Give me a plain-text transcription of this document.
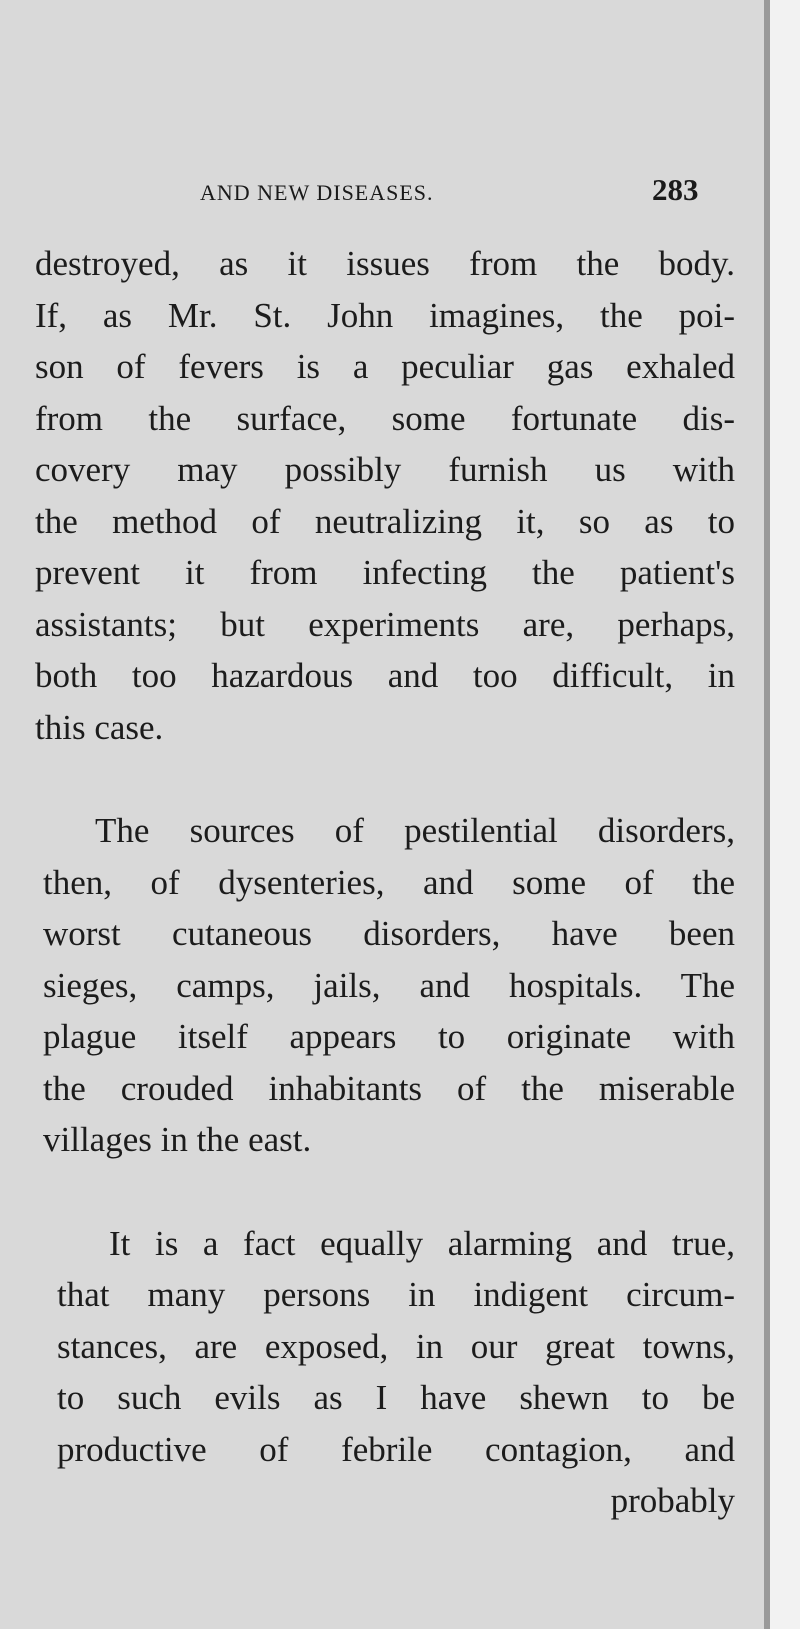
AND NEW DISEASES.	283
destroyed, as it issues from the body.
If, as Mr. St. John imagines, the poi-
son of fevers is a peculiar gas exhaled
from the surface, some fortunate dis-
covery may possibly furnish us with
the method of neutralizing it, so as to
prevent it from infecting the patient's
assistants; but experiments are, perhaps,
both too hazardous and too difficult, in
this case.
The sources of pestilential disorders,
then, of dysenteries, and some of the
worst cutaneous disorders, have been
sieges, camps, jails, and hospitals. The
plague itself appears to originate with
the crouded inhabitants of the miserable
villages in the east.
It is a fact equally alarming and true,
that many persons in indigent circum-
stances, are exposed, in our great towns,
to such evils as I have shewn to be
productive of febrile contagion, and
probably
